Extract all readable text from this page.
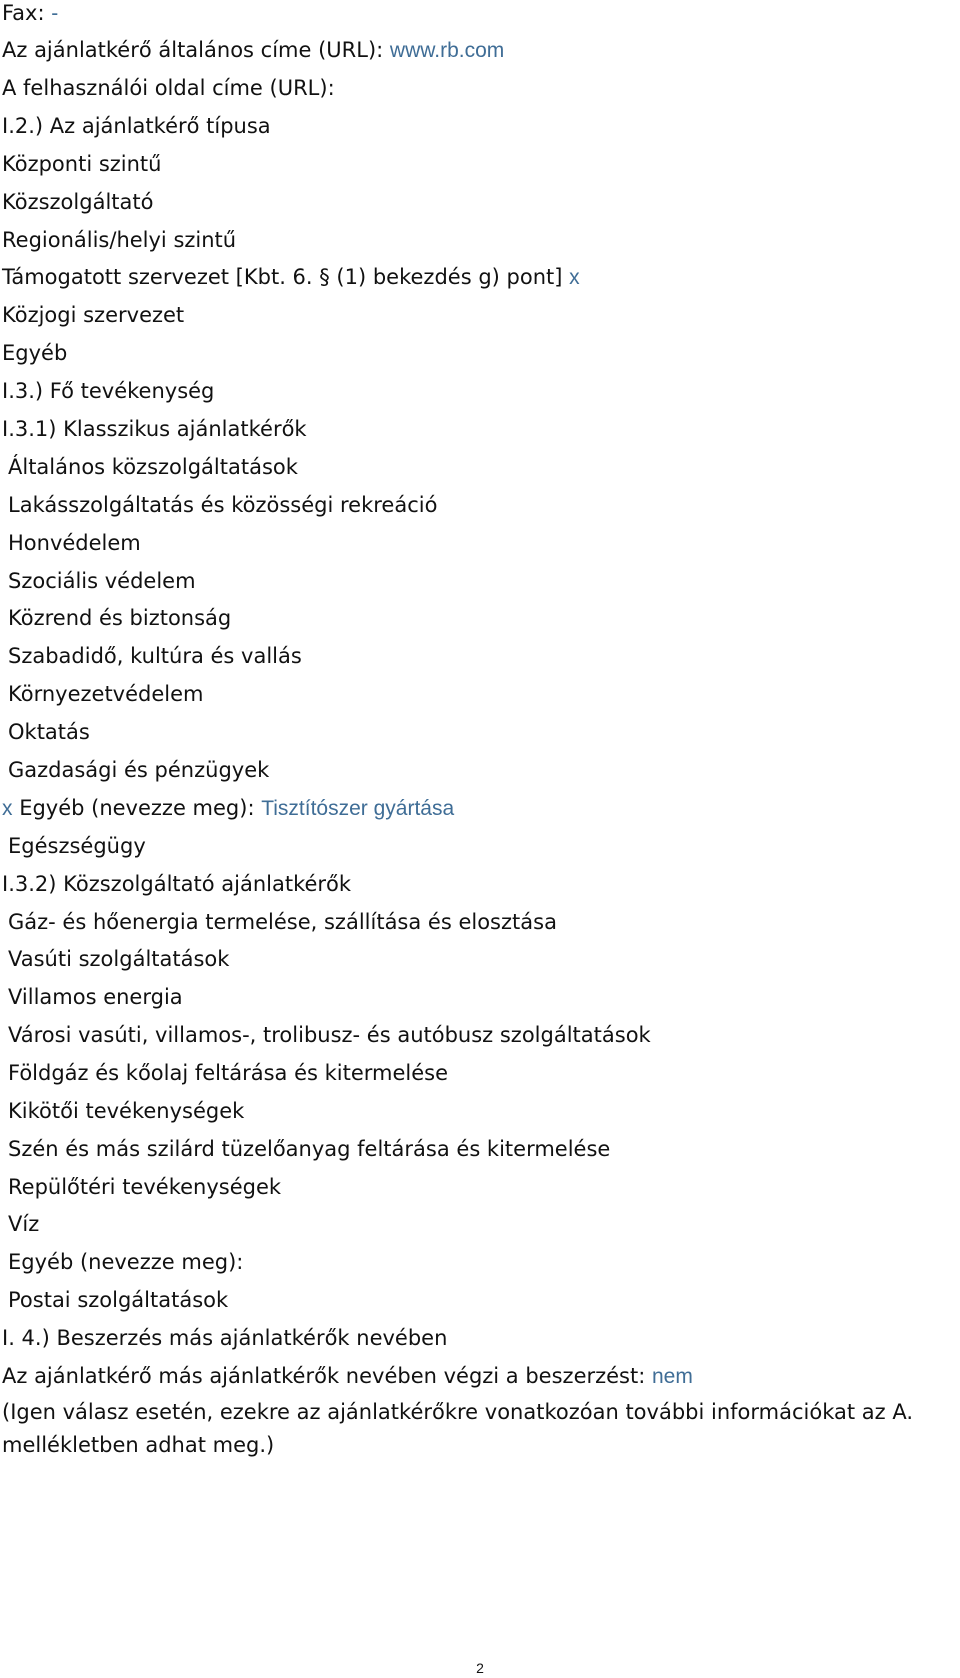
Fax: -
Az ajánlatkérő általános címe (URL): www.rb.com
A felhasználói oldal címe (URL):
I.2.) Az ajánlatkérő típusa
Központi szintű
Közszolgáltató
Regionális/helyi szintű
Támogatott szervezet [Kbt. 6. § (1) bekezdés g) pont] x
Közjogi szervezet
Egyéb
I.3.) Fő tevékenység
I.3.1) Klasszikus ajánlatkérők
Általános közszolgáltatások
Lakásszolgáltatás és közösségi rekreáció
Honvédelem
Szociális védelem
Közrend és biztonság
Szabadidő, kultúra és vallás
Környezetvédelem
Oktatás
Gazdasági és pénzügyek
x Egyéb (nevezze meg): Tisztítószer gyártása
Egészségügy
I.3.2) Közszolgáltató ajánlatkérők
Gáz- és hőenergia termelése, szállítása és elosztása
Vasúti szolgáltatások
Villamos energia
Városi vasúti, villamos-, trolibusz- és autóbusz szolgáltatások
Földgáz és kőolaj feltárása és kitermelése
Kikötői tevékenységek
Szén és más szilárd tüzelőanyag feltárása és kitermelése
Repülőtéri tevékenységek
Víz
Egyéb (nevezze meg):
Postai szolgáltatások
I. 4.) Beszerzés más ajánlatkérők nevében
Az ajánlatkérő más ajánlatkérők nevében végzi a beszerzést: nem
(Igen válasz esetén, ezekre az ajánlatkérőkre vonatkozóan további információkat az A. mellékletben adhat meg.)
2
